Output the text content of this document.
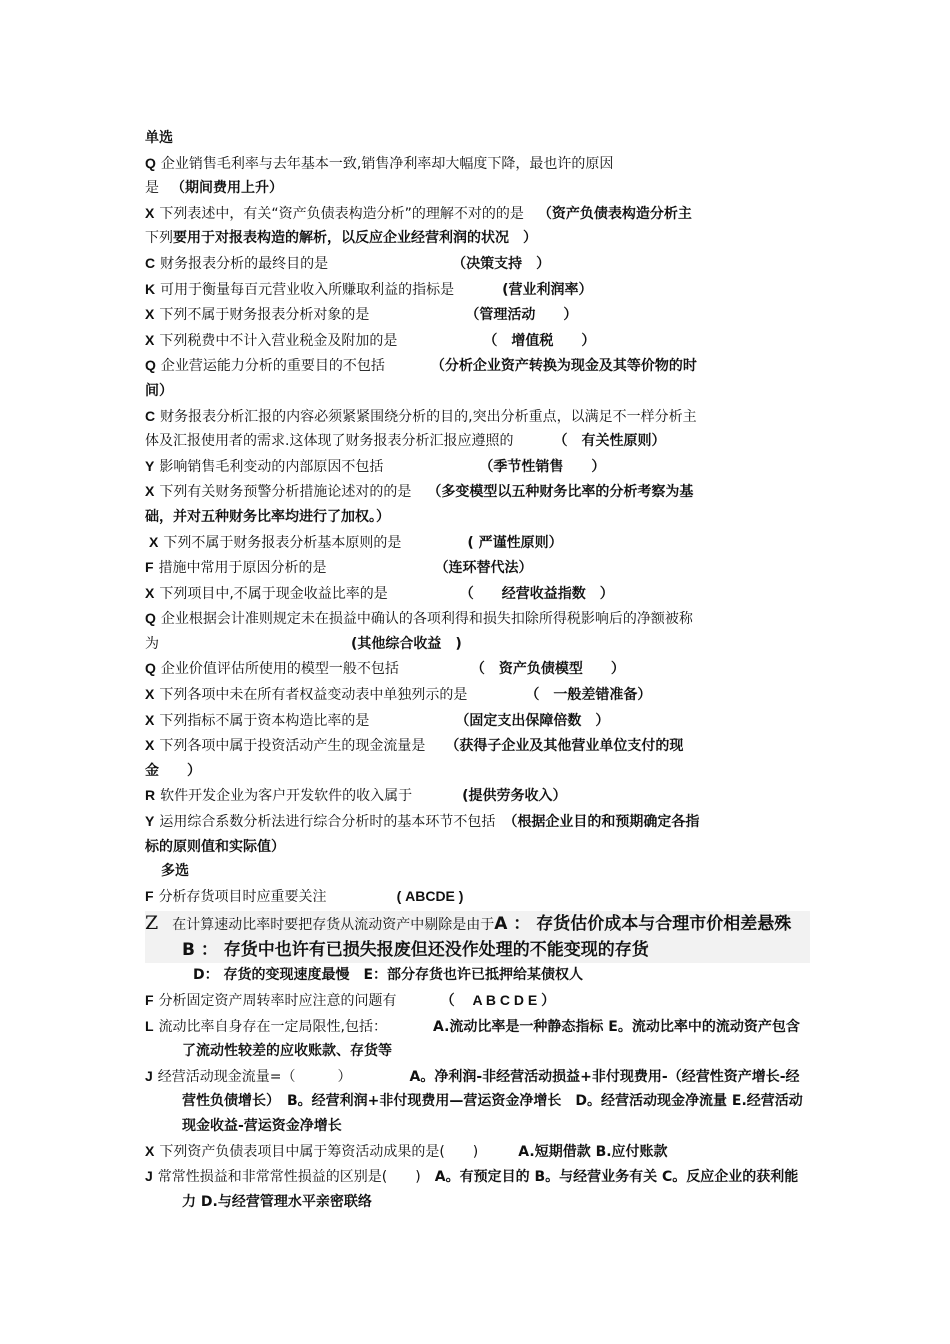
单选
Q 企业销售毛利率与去年基本一致,销售净利率却大幅度下降，最也许的原因
是 （期间费用上升）
X 下列表述中，有关“资产负债表构造分析”的理解不对的的是 （资产负债表构造分析主
下列要用于对报表构造的解析，以反应企业经营利润的状况　）
C 财务报表分析的最终目的是	（决策支持　）
K 可用于衡量每百元营业收入所赚取利益的指标是	(营业利润率）
X 下列不属于财务报表分析对象的是	（管理活动　　）
X 下列税费中不计入营业税金及附加的是	（　增值税　　）
Q 企业营运能力分析的重要目的不包括	（分析企业资产转换为现金及其等价物的时
间）
C 财务报表分析汇报的内容必须紧紧围绕分析的目的,突出分析重点，以满足不一样分析主
体及汇报使用者的需求.这体现了财务报表分析汇报应遵照的	（　有关性原则）
Y 影响销售毛利变动的内部原因不包括	（季节性销售　　）
X 下列有关财务预警分析措施论述对的的是 （多变模型以五种财务比率的分析考察为基
础，并对五种财务比率均进行了加权。）
X 下列不属于财务报表分析基本原则的是	( 严谨性原则）
F 措施中常用于原因分析的是	（连环替代法）
X 下列项目中,不属于现金收益比率的是	（　　经营收益指数　）
Q 企业根据会计准则规定未在损益中确认的各项利得和损失扣除所得税影响后的净额被称
为	(其他综合收益　)
Q 企业价值评估所使用的模型一般不包括	（　资产负债模型　　）
X 下列各项中未在所有者权益变动表中单独列示的是	（　一般差错准备）
X 下列指标不属于资本构造比率的是	（固定支出保障倍数　）
X 下列各项中属于投资活动产生的现金流量是 （获得子企业及其他营业单位支付的现
金 ）
R 软件开发企业为客户开发软件的收入属于	(提供劳务收入）
Y 运用综合系数分析法进行综合分析时的基本环节不包括 （根据企业目的和预期确定各指
标的原则值和实际值）
多选
F 分析存货项目时应重要关注	( ABCDE )
Z 在计算速动比率时要把存货从流动资产中剔除是由于A ： 存货估价成本与合理市价相差悬殊　 B ： 存货中也许有已损失报废但还没作处理的不能变现的存货
D： 存货的变现速度最慢　E：部分存货也许已抵押给某债权人
F 分析固定资产周转率时应注意的问题有	（　 A B C D E ）
L 流动比率自身存在一定局限性,包括：	A.流动比率是一种静态指标 E。流动比率中的流动资产包含了流动性较差的应收账款、存货等
J 经营活动现金流量=（　　　）	A。净利润-非经营活动损益+非付现费用-（经营性资产增长-经营性负债增长）　B。经营利润+非付现费用—营运资金净增长　D。经营活动现金净流量 E.经营活动现金收益-营运资金净增长
X 下列资产负债表项目中属于筹资活动成果的是(　　)	A.短期借款 B.应付账款
J 常常性损益和非常常性损益的区别是(　　) A。有预定目的 B。与经营业务有关 C。反应企业的获利能力 D.与经营管理水平亲密联络
